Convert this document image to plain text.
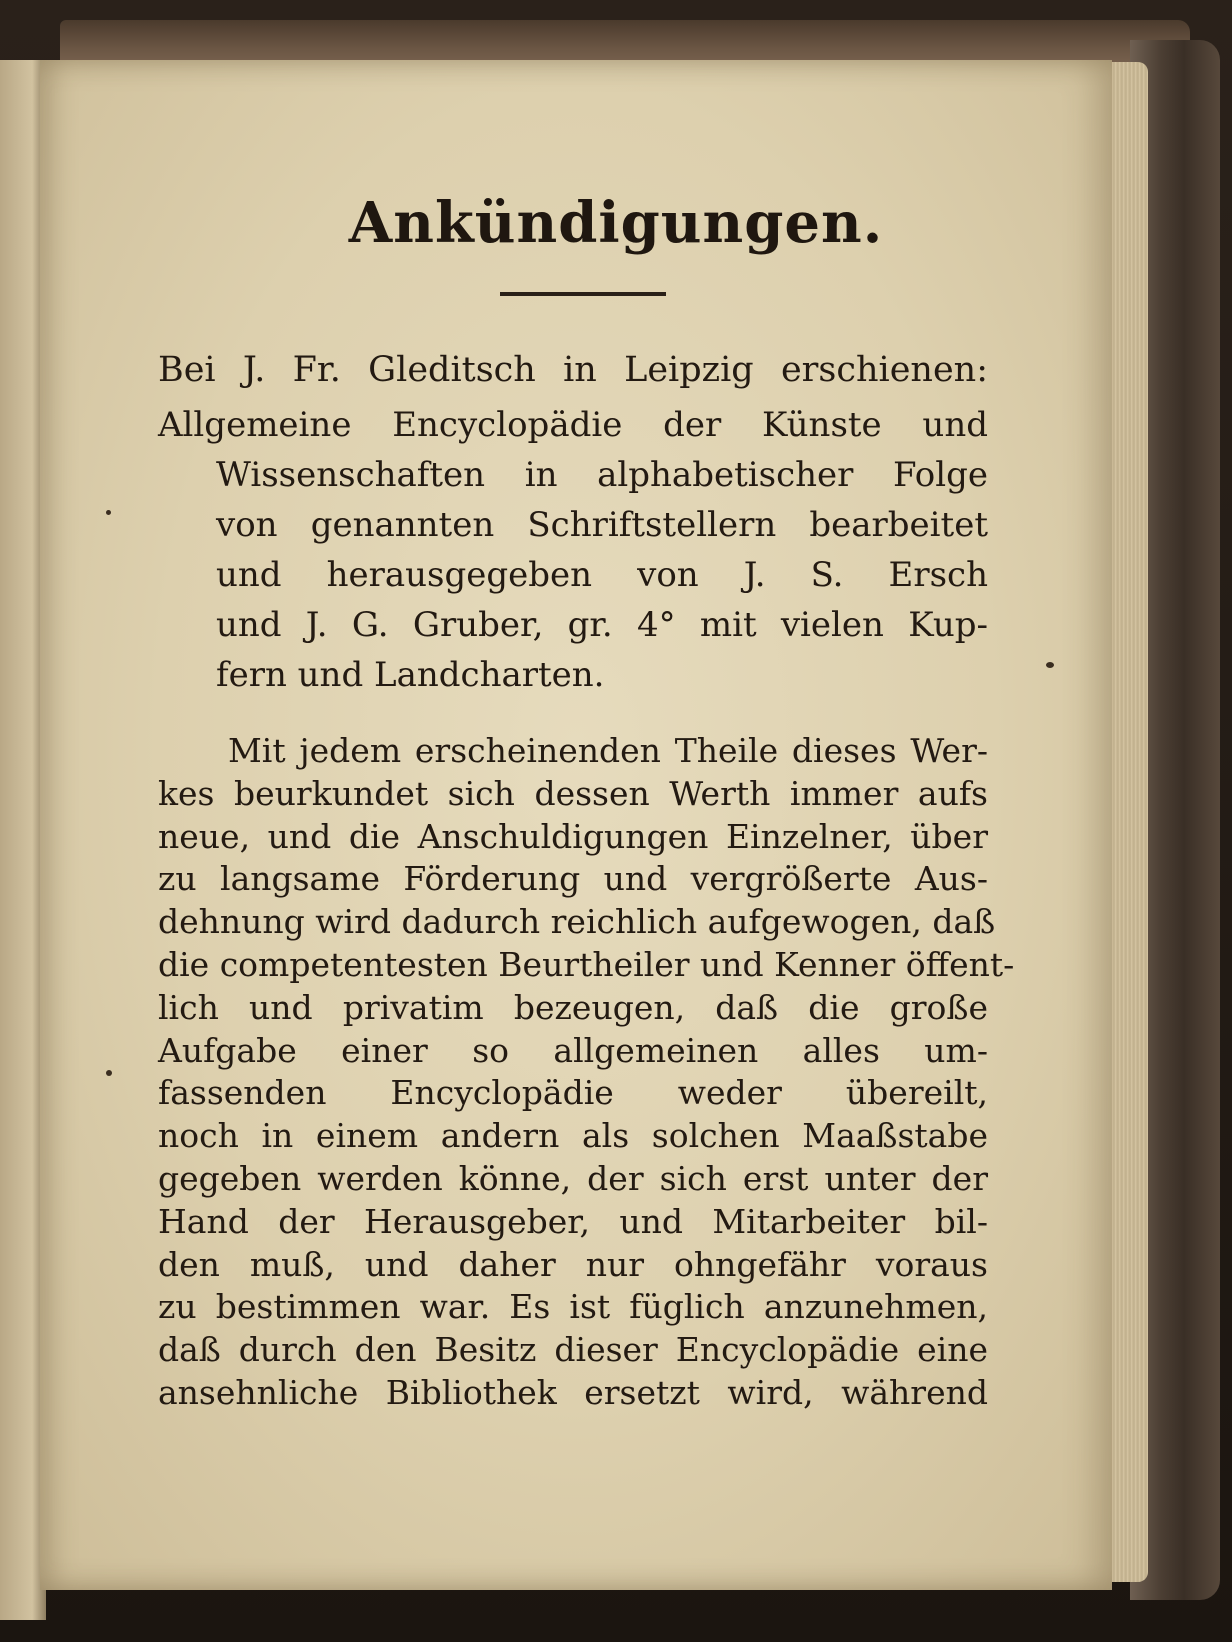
Ankündigungen.
Bei J. Fr. Gleditsch in Leipzig erschienen:
Allgemeine Encyclopädie der Künste und
Wissenschaften in alphabetischer Folge
von genannten Schriftstellern bearbeitet
und herausgegeben von J. S. Ersch
und J. G. Gruber, gr. 4° mit vielen Kup-
fern und Landcharten.
Mit jedem erscheinenden Theile dieses Wer-
kes beurkundet sich dessen Werth immer aufs
neue, und die Anschuldigungen Einzelner, über
zu langsame Förderung und vergrößerte Aus-
dehnung wird dadurch reichlich aufgewogen, daß
die competentesten Beurtheiler und Kenner öffent-
lich und privatim bezeugen, daß die große
Aufgabe einer so allgemeinen alles um-
fassenden Encyclopädie weder übereilt,
noch in einem andern als solchen Maaßstabe
gegeben werden könne, der sich erst unter der
Hand der Herausgeber, und Mitarbeiter bil-
den muß, und daher nur ohngefähr voraus
zu bestimmen war. Es ist füglich anzunehmen,
daß durch den Besitz dieser Encyclopädie eine
ansehnliche Bibliothek ersetzt wird, während
